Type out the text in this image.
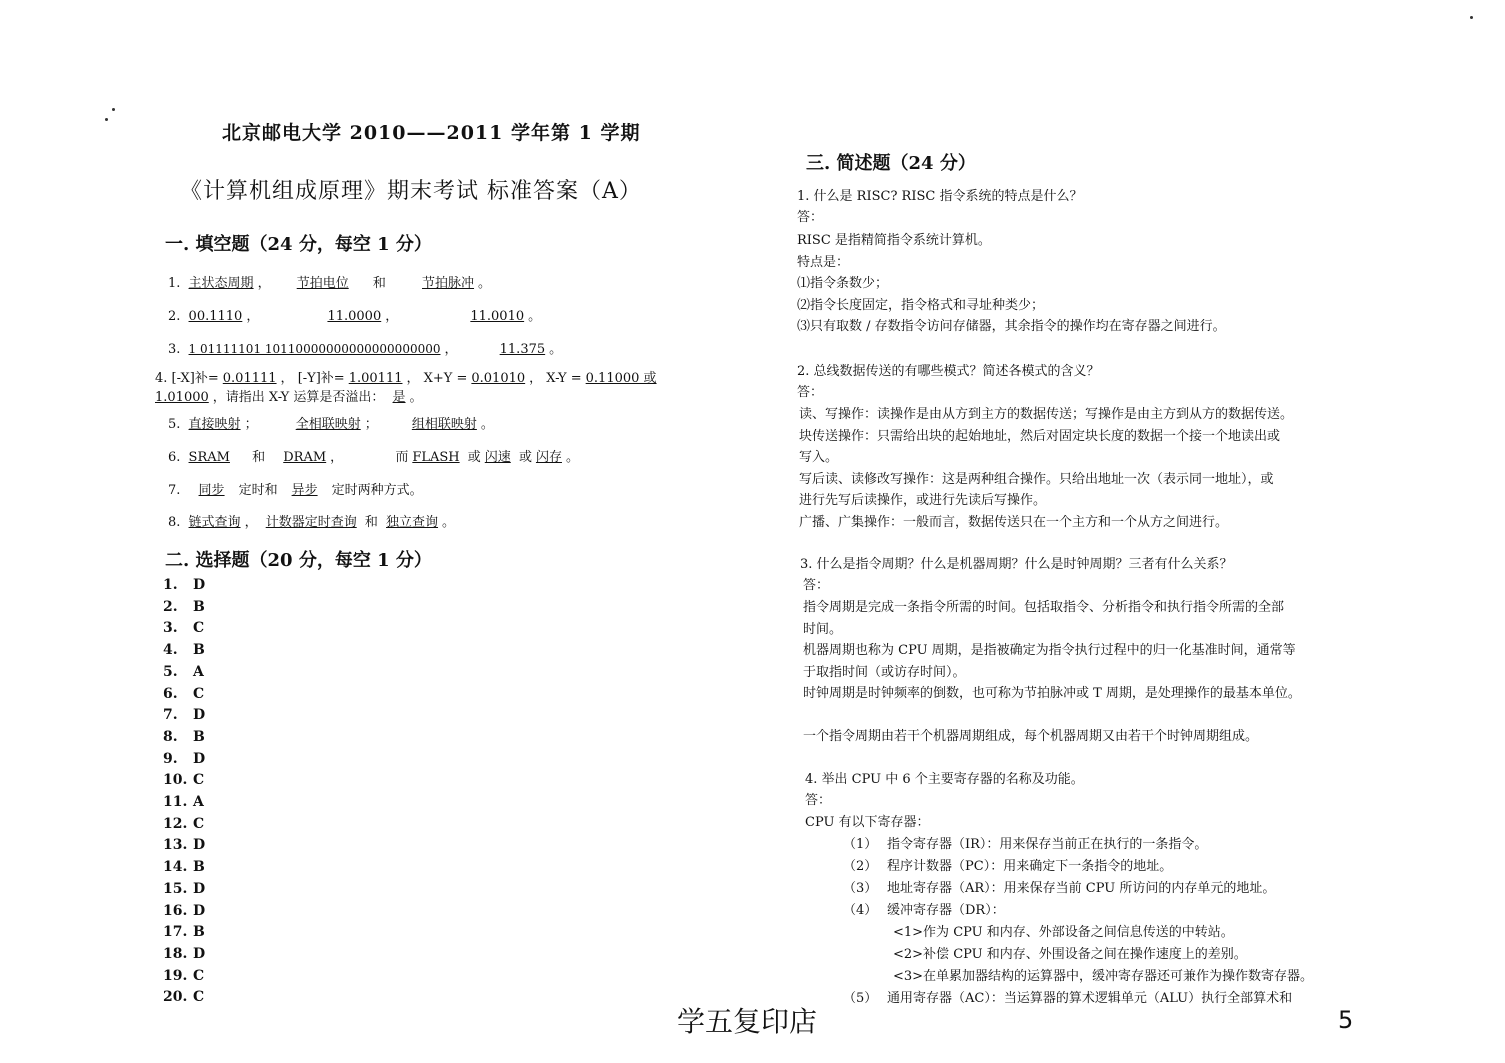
北京邮电大学 2010——2011 学年第 1 学期
《计算机组成原理》期末考试 标准答案（A）
一. 填空题（24 分，每空 1 分）
1. 主状态周期 ， 节拍电位 和	节拍脉冲 。
2. 00.1110 ，	11.0000 ，	11.0010 。
3. 1 01111101 10110000000000000000000 ，	11.375 。
4. [-X]补= 0.01111 ， [-Y]补= 1.00111 ， X+Y = 0.01010 ， X-Y = 0.11000 或
1.01000 ，请指出 X-Y 运算是否溢出： 是 。
5. 直接映射 ；	全相联映射 ； 组相联映射 。
6. SRAM 和 DRAM ，	而 FLASH 或 闪速 或 闪存 。
7. 同步 定时和 异步 定时两种方式。
8. 链式查询 ， 计数器定时查询 和 独立查询 。
二. 选择题（20 分，每空 1 分）
1. D
2. B
3. C
4. B
5. A
6. C
7. D
8. B
9. D
10. C
11. A
12. C
13. D
14. B
15. D
16. D
17. B
18. D
19. C
20. C
三. 简述题（24 分）
1. 什么是 RISC? RISC 指令系统的特点是什么？
答：
RISC 是指精简指令系统计算机。
特点是：
⑴指令条数少；
⑵指令长度固定，指令格式和寻址种类少；
⑶只有取数 / 存数指令访问存储器，其余指令的操作均在寄存器之间进行。
2. 总线数据传送的有哪些模式？简述各模式的含义？
答：
读、写操作：读操作是由从方到主方的数据传送；写操作是由主方到从方的数据传送。
块传送操作：只需给出块的起始地址，然后对固定块长度的数据一个接一个地读出或
写入。
写后读、读修改写操作：这是两种组合操作。只给出地址一次（表示同一地址），或
进行先写后读操作，或进行先读后写操作。
广播、广集操作：一般而言，数据传送只在一个主方和一个从方之间进行。
3. 什么是指令周期？什么是机器周期？什么是时钟周期？三者有什么关系？
答：
指令周期是完成一条指令所需的时间。包括取指令、分析指令和执行指令所需的全部
时间。
机器周期也称为 CPU 周期，是指被确定为指令执行过程中的归一化基准时间，通常等
于取指时间（或访存时间）。
时钟周期是时钟频率的倒数，也可称为节拍脉冲或 T 周期，是处理操作的最基本单位。
一个指令周期由若干个机器周期组成，每个机器周期又由若干个时钟周期组成。
4. 举出 CPU 中 6 个主要寄存器的名称及功能。
答：
CPU 有以下寄存器：
（1） 指令寄存器（IR）：用来保存当前正在执行的一条指令。
（2） 程序计数器（PC）：用来确定下一条指令的地址。
（3） 地址寄存器（AR）：用来保存当前 CPU 所访问的内存单元的地址。
（4） 缓冲寄存器（DR）：
<1>作为 CPU 和内存、外部设备之间信息传送的中转站。
<2>补偿 CPU 和内存、外围设备之间在操作速度上的差别。
<3>在单累加器结构的运算器中，缓冲寄存器还可兼作为操作数寄存器。
（5） 通用寄存器（AC）：当运算器的算术逻辑单元（ALU）执行全部算术和
学五复印店	5
